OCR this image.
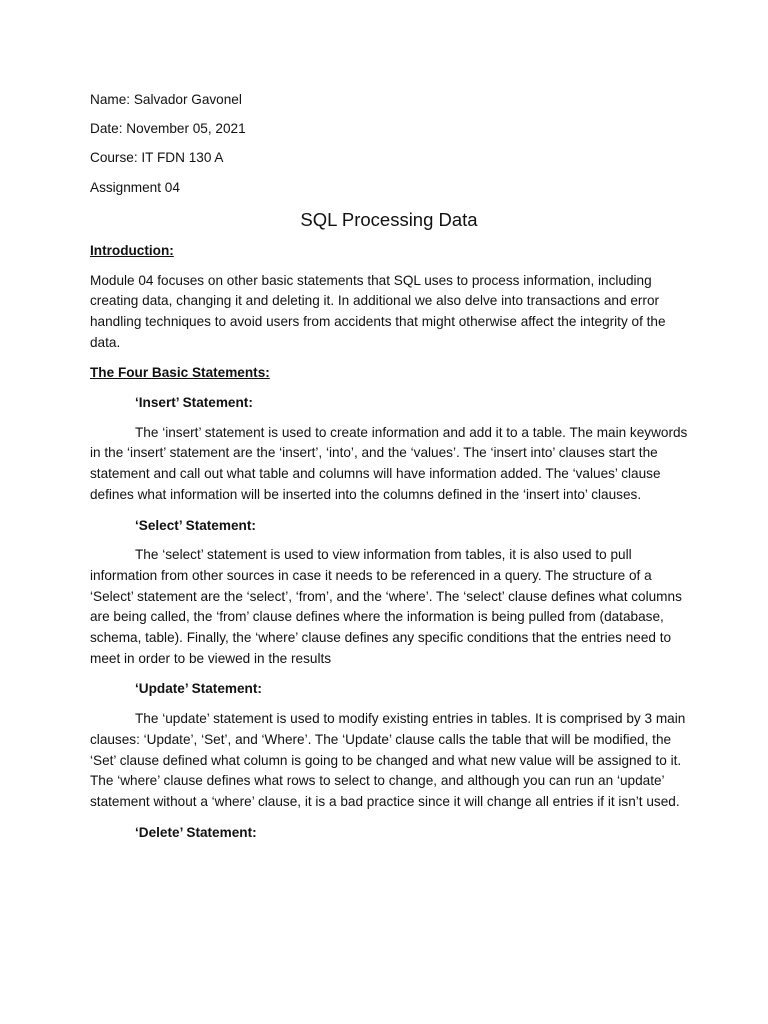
Name: Salvador Gavonel

Date: November 05, 2021

Course: IT FDN 130 A

Assignment 04

SQL Processing Data

Introduction:

Module 04 focuses on other basic statements that SQL uses to process information, including creating data, changing it and deleting it. In additional we also delve into transactions and error handling techniques to avoid users from accidents that might otherwise affect the integrity of the data.

The Four Basic Statements:

‘Insert’ Statement:

The ‘insert’ statement is used to create information and add it to a table. The main keywords in the ‘insert’ statement are the ‘insert’, ‘into’, and the ‘values’. The ‘insert into’ clauses start the statement and call out what table and columns will have information added. The ‘values’ clause defines what information will be inserted into the columns defined in the ‘insert into’ clauses.

‘Select’ Statement:

The ‘select’ statement is used to view information from tables, it is also used to pull information from other sources in case it needs to be referenced in a query. The structure of a ‘Select’ statement are the ‘select’, ‘from’, and the ‘where’. The ‘select’ clause defines what columns are being called, the ‘from’ clause defines where the information is being pulled from (database, schema, table). Finally, the ‘where’ clause defines any specific conditions that the entries need to meet in order to be viewed in the results

‘Update’ Statement:

The ‘update’ statement is used to modify existing entries in tables. It is comprised by 3 main clauses: ‘Update’, ‘Set’, and ‘Where’. The ‘Update’ clause calls the table that will be modified, the ‘Set’ clause defined what column is going to be changed and what new value will be assigned to it. The ‘where’ clause defines what rows to select to change, and although you can run an ‘update’ statement without a ‘where’ clause, it is a bad practice since it will change all entries if it isn’t used.

‘Delete’ Statement:
